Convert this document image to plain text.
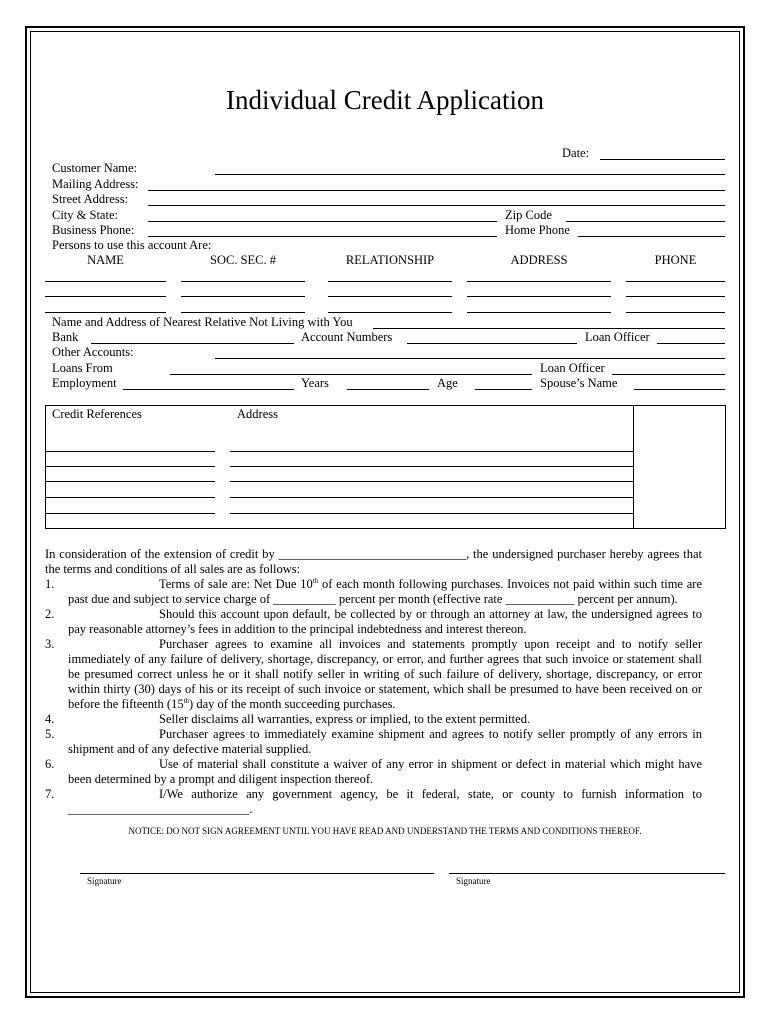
Individual Credit Application
Date:
Customer Name:
Mailing Address:
Street Address:
City & State:	Zip Code
Business Phone:	Home Phone
Persons to use this account Are:
NAME	SOC. SEC. #	RELATIONSHIP	ADDRESS	PHONE
Name and Address of Nearest Relative Not Living with You
Bank	Account Numbers	Loan Officer
Other Accounts:
Loans From	Loan Officer
Employment	Years	Age	Spouse’s Name
Credit References	Address
In consideration of the extension of credit by ______________________________, the undersigned purchaser hereby agrees that
the terms and conditions of all sales are as follows:
1.	Terms of sale are: Net Due 10th of each month following purchases. Invoices not paid within such time are
past due and subject to service charge of __________ percent per month (effective rate ___________ percent per annum).
2.	Should this account upon default, be collected by or through an attorney at law, the undersigned agrees to
pay reasonable attorney’s fees in addition to the principal indebtedness and interest thereon.
3.	Purchaser agrees to examine all invoices and statements promptly upon receipt and to notify seller
immediately of any failure of delivery, shortage, discrepancy, or error, and further agrees that such invoice or statement shall
be presumed correct unless he or it shall notify seller in writing of such failure of delivery, shortage, discrepancy, or error
within thirty (30) days of his or its receipt of such invoice or statement, which shall be presumed to have been received on or
before the fifteenth (15th) day of the month succeeding purchases.
4.	Seller disclaims all warranties, express or implied, to the extent permitted.
5.	Purchaser agrees to immediately examine shipment and agrees to notify seller promptly of any errors in
shipment and of any defective material supplied.
6.	Use of material shall constitute a waiver of any error in shipment or defect in material which might have
been determined by a prompt and diligent inspection thereof.
7.	I/We authorize any government agency, be it federal, state, or county to furnish information to
_____________________________.
NOTICE: DO NOT SIGN AGREEMENT UNTIL YOU HAVE READ AND UNDERSTAND THE TERMS AND CONDITIONS THEREOF.
Signature	Signature
